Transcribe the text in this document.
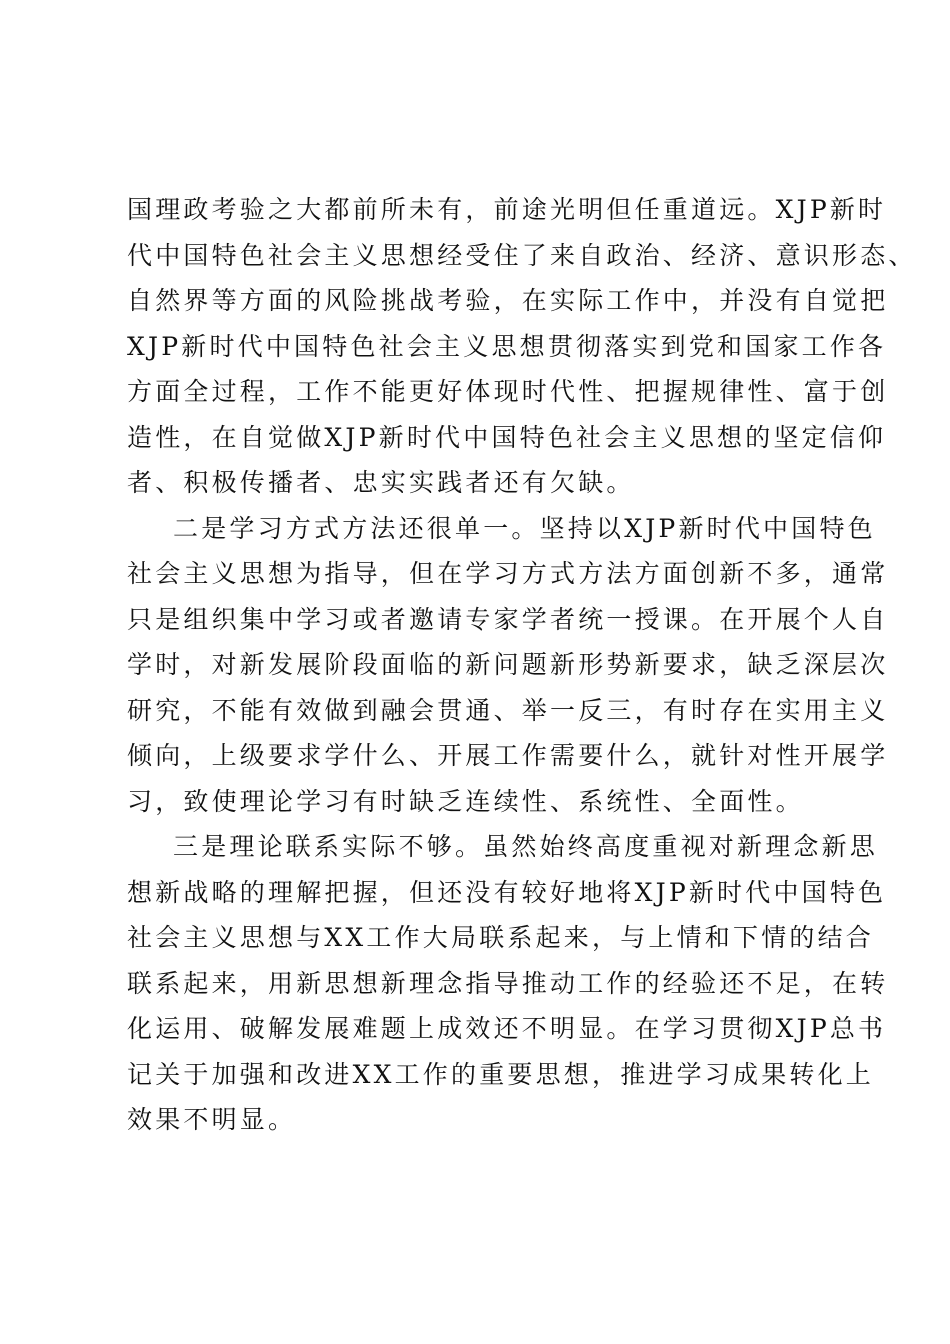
国理政考验之大都前所未有，前途光明但任重道远。XJP新时
代中国特色社会主义思想经受住了来自政治、经济、意识形态、
自然界等方面的风险挑战考验，在实际工作中，并没有自觉把
XJP新时代中国特色社会主义思想贯彻落实到党和国家工作各
方面全过程，工作不能更好体现时代性、把握规律性、富于创
造性，在自觉做XJP新时代中国特色社会主义思想的坚定信仰
者、积极传播者、忠实实践者还有欠缺。
二是学习方式方法还很单一。坚持以XJP新时代中国特色
社会主义思想为指导，但在学习方式方法方面创新不多，通常
只是组织集中学习或者邀请专家学者统一授课。在开展个人自
学时，对新发展阶段面临的新问题新形势新要求，缺乏深层次
研究，不能有效做到融会贯通、举一反三，有时存在实用主义
倾向，上级要求学什么、开展工作需要什么，就针对性开展学
习，致使理论学习有时缺乏连续性、系统性、全面性。
三是理论联系实际不够。虽然始终高度重视对新理念新思
想新战略的理解把握，但还没有较好地将XJP新时代中国特色
社会主义思想与XX工作大局联系起来，与上情和下情的结合
联系起来，用新思想新理念指导推动工作的经验还不足，在转
化运用、破解发展难题上成效还不明显。在学习贯彻XJP总书
记关于加强和改进XX工作的重要思想，推进学习成果转化上
效果不明显。
